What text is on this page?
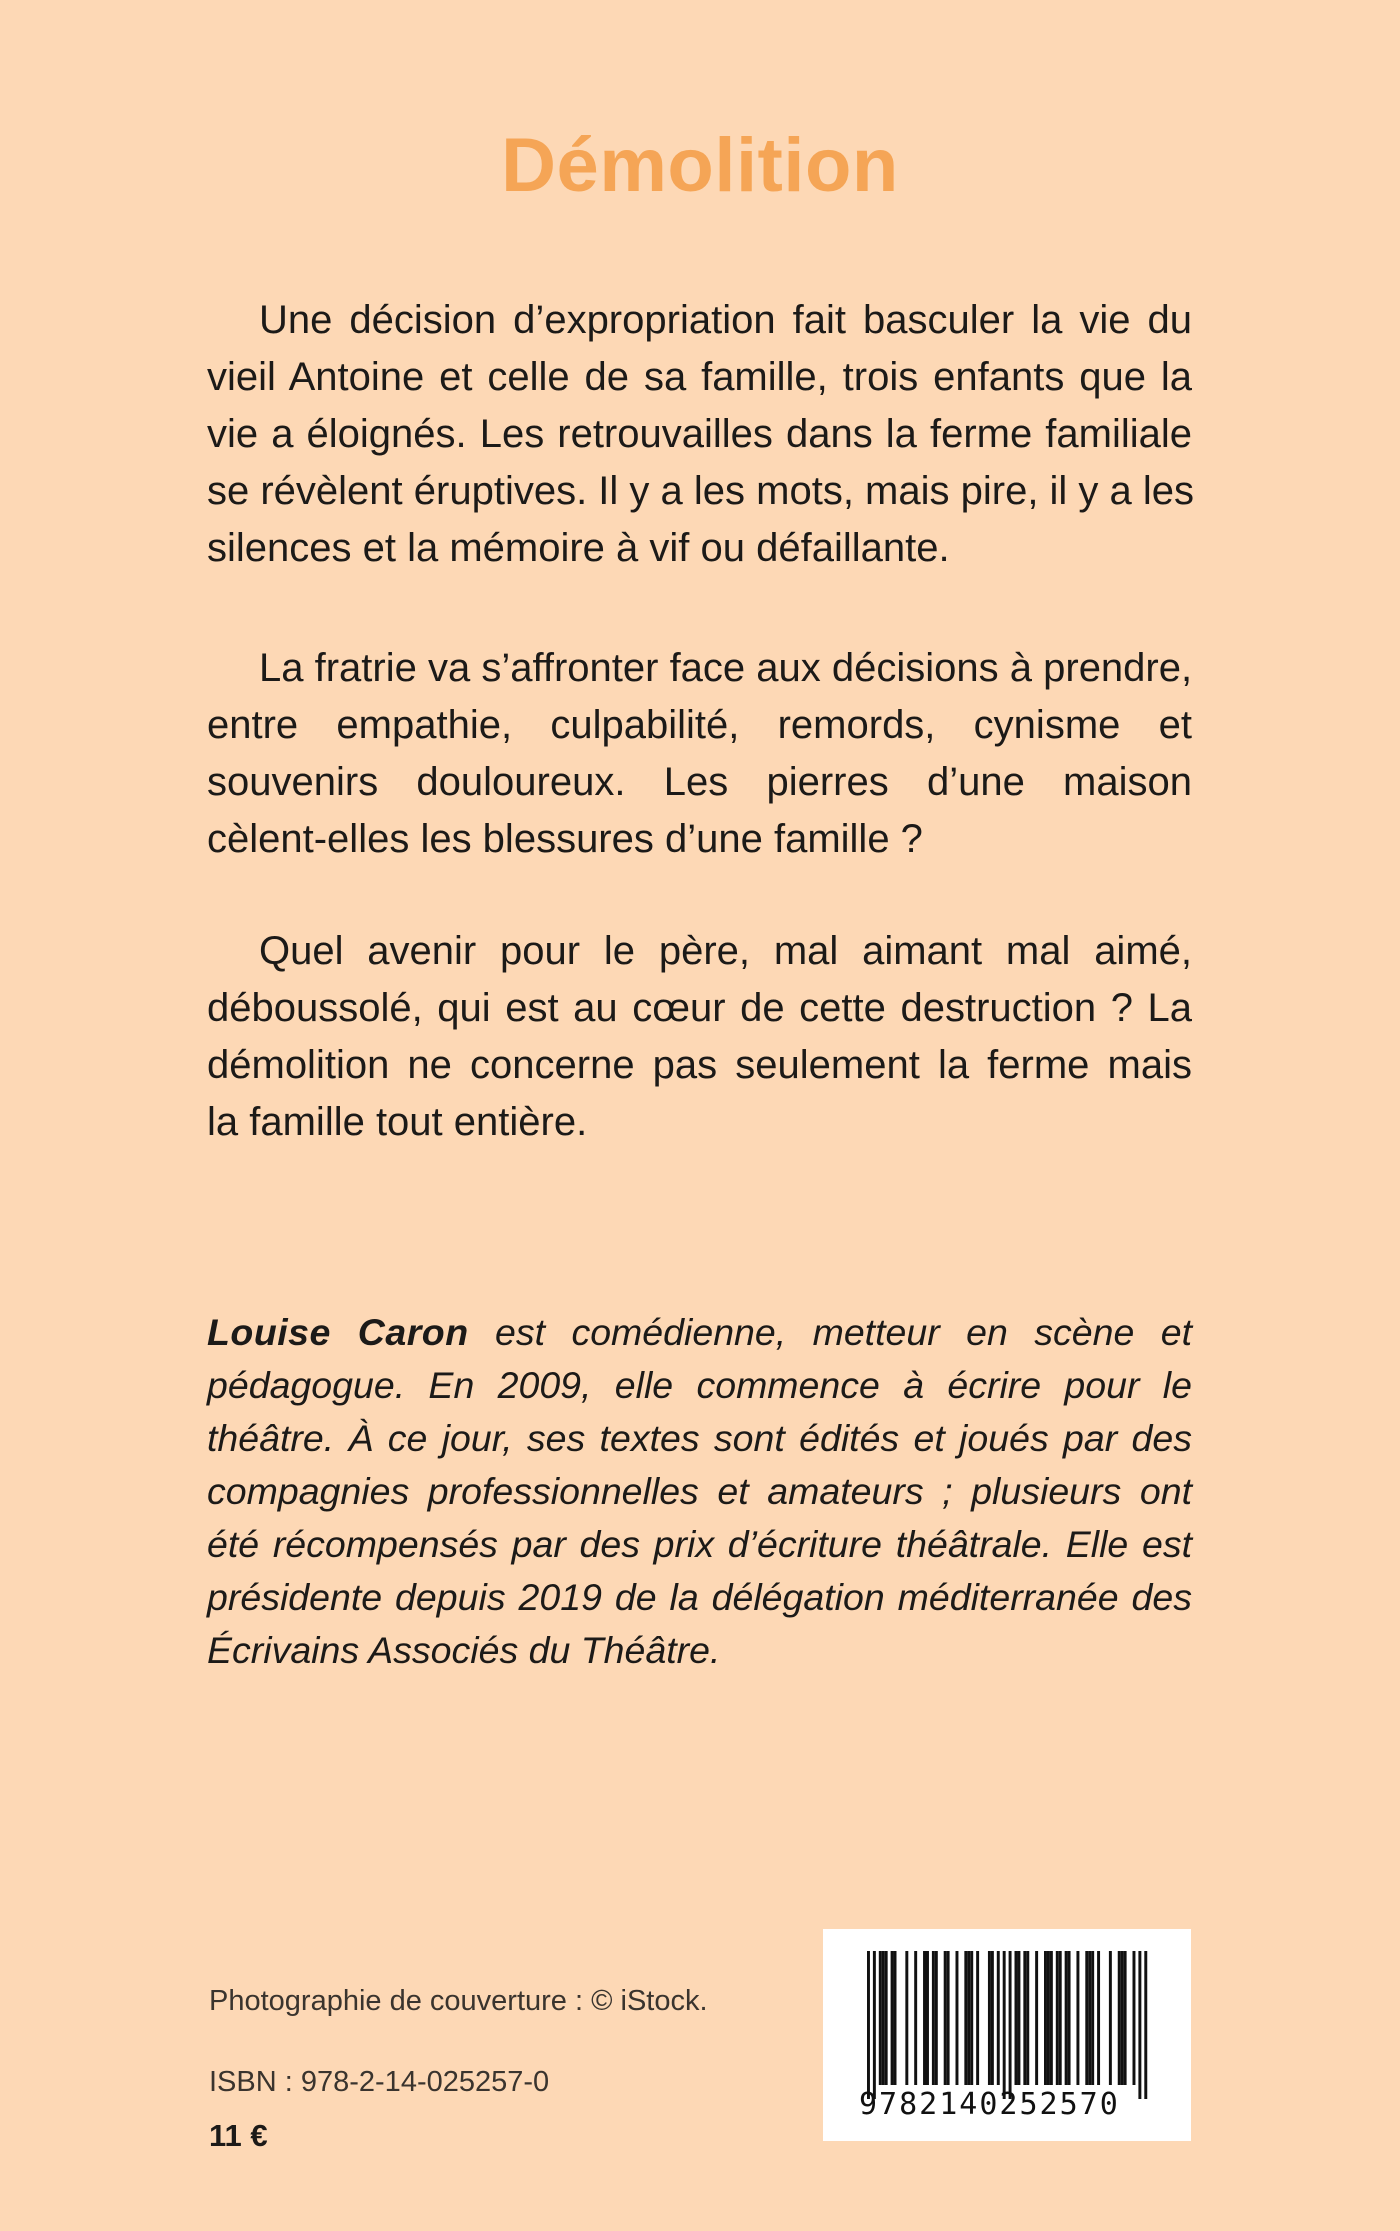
Démolition

Une décision d’expropriation fait basculer la vie du
vieil Antoine et celle de sa famille, trois enfants que la
vie a éloignés. Les retrouvailles dans la ferme familiale
se révèlent éruptives. Il y a les mots, mais pire, il y a les
silences et la mémoire à vif ou défaillante.

La fratrie va s’affronter face aux décisions à prendre,
entre empathie, culpabilité, remords, cynisme et
souvenirs douloureux. Les pierres d’une maison
cèlent-elles les blessures d’une famille ?

Quel avenir pour le père, mal aimant mal aimé,
déboussolé, qui est au cœur de cette destruction ? La
démolition ne concerne pas seulement la ferme mais
la famille tout entière.

Louise Caron est comédienne, metteur en scène et
pédagogue. En 2009, elle commence à écrire pour le
théâtre. À ce jour, ses textes sont édités et joués par des
compagnies professionnelles et amateurs ; plusieurs ont
été récompensés par des prix d’écriture théâtrale. Elle est
présidente depuis 2019 de la délégation méditerranée des
Écrivains Associés du Théâtre.

Photographie de couverture : © iStock.
ISBN : 978-2-14-025257-0
11 €
9782140252570
